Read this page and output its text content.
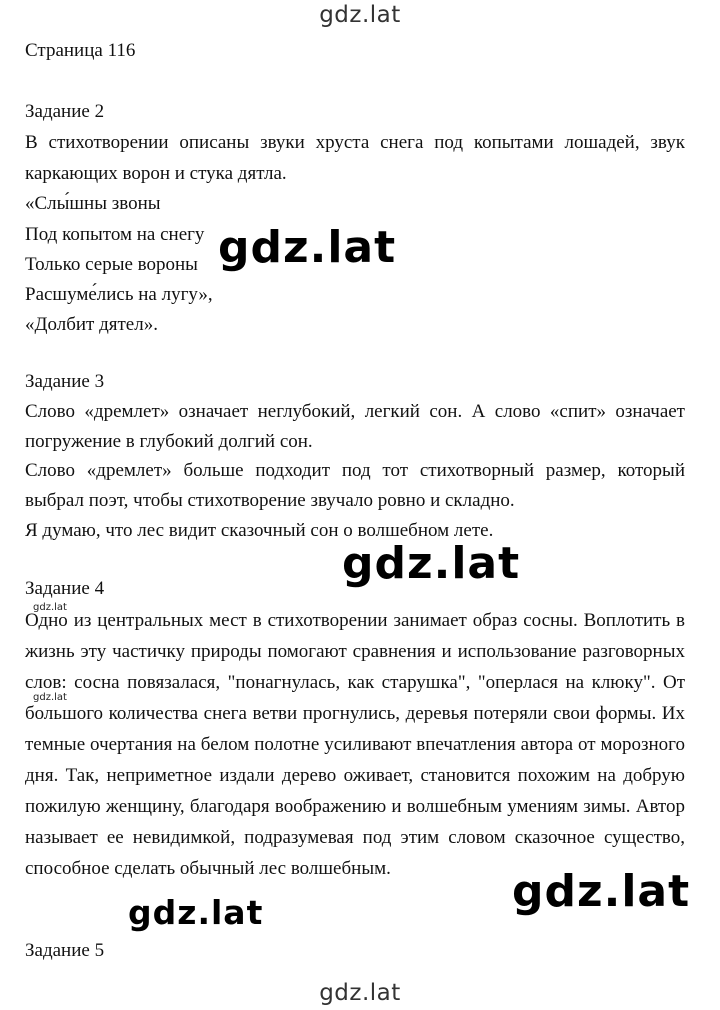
gdz.lat
Страница 116
Задание 2
В стихотворении описаны звуки хруста снега под копытами лошадей, звук
каркающих ворон и стука дятла.
«Слы́шны звоны
Под копытом на снегу
Только серые вороны
Расшуме́лись на лугу»,
«Долбит дятел».
Задание 3
Слово «дремлет» означает неглубокий, легкий сон. А слово «спит» означает
погружение в глубокий долгий сон.
Слово «дремлет» больше подходит под тот стихотворный размер, который
выбрал поэт, чтобы стихотворение звучало ровно и складно.
Я думаю, что лес видит сказочный сон о волшебном лете.
Задание 4
Одно из центральных мест в стихотворении занимает образ сосны. Воплотить в жизнь эту частичку природы помогают сравнения и использование разговорных слов: сосна повязалася, "понагнулась, как старушка", "оперлася на клюку". От большого количества снега ветви прогнулись, деревья потеряли свои формы. Их темные очертания на белом полотне усиливают впечатления автора от морозного дня. Так, неприметное издали дерево оживает, становится похожим на добрую пожилую женщину, благодаря воображению и волшебным умениям зимы. Автор называет ее невидимкой, подразумевая под этим словом сказочное существо, способное сделать обычный лес волшебным.
Задание 5
gdz.lat
gdz.lat
gdz.lat
gdz.lat
gdz.lat
gdz.lat
gdz.lat
